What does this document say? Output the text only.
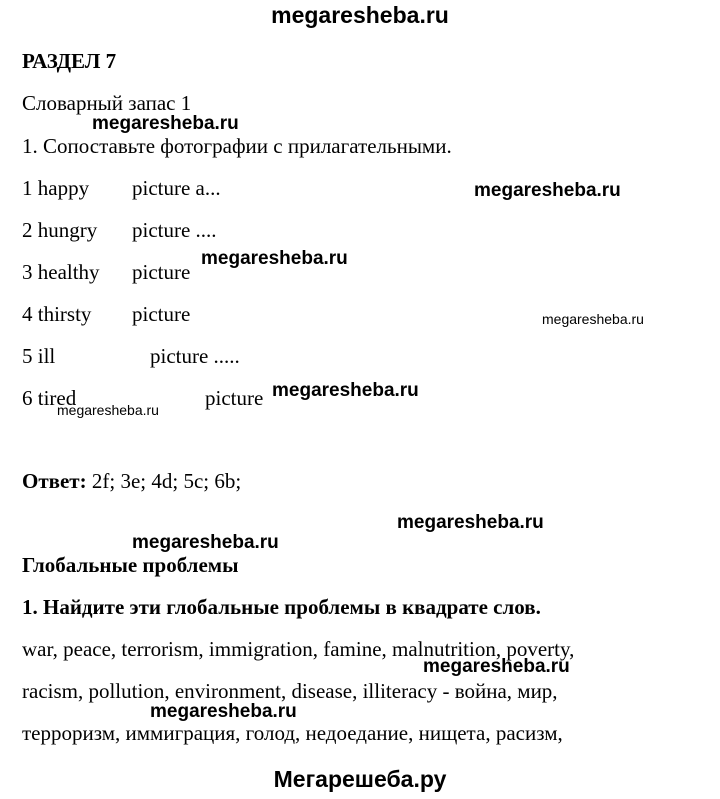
megaresheba.ru
РАЗДЕЛ 7
Словарный запас 1
1. Сопоставьте фотографии с прилагательными.
1 happy picture a...
2 hungry picture ....
3 healthy picture
4 thirsty picture
5 ill	picture .....
6 tired	picture
Ответ: 2f; 3e; 4d; 5c; 6b;
Глобальные проблемы
1. Найдите эти глобальные проблемы в квадрате слов.
war, peace, terrorism, immigration, famine, malnutrition, poverty,
racism, pollution, environment, disease, illiteracy - война, мир,
терроризм, иммиграция, голод, недоедание, нищета, расизм,
megaresheba.ru
megaresheba.ru
megaresheba.ru
megaresheba.ru
megaresheba.ru
megaresheba.ru
megaresheba.ru
megaresheba.ru
megaresheba.ru
megaresheba.ru
Мегарешеба.ру
